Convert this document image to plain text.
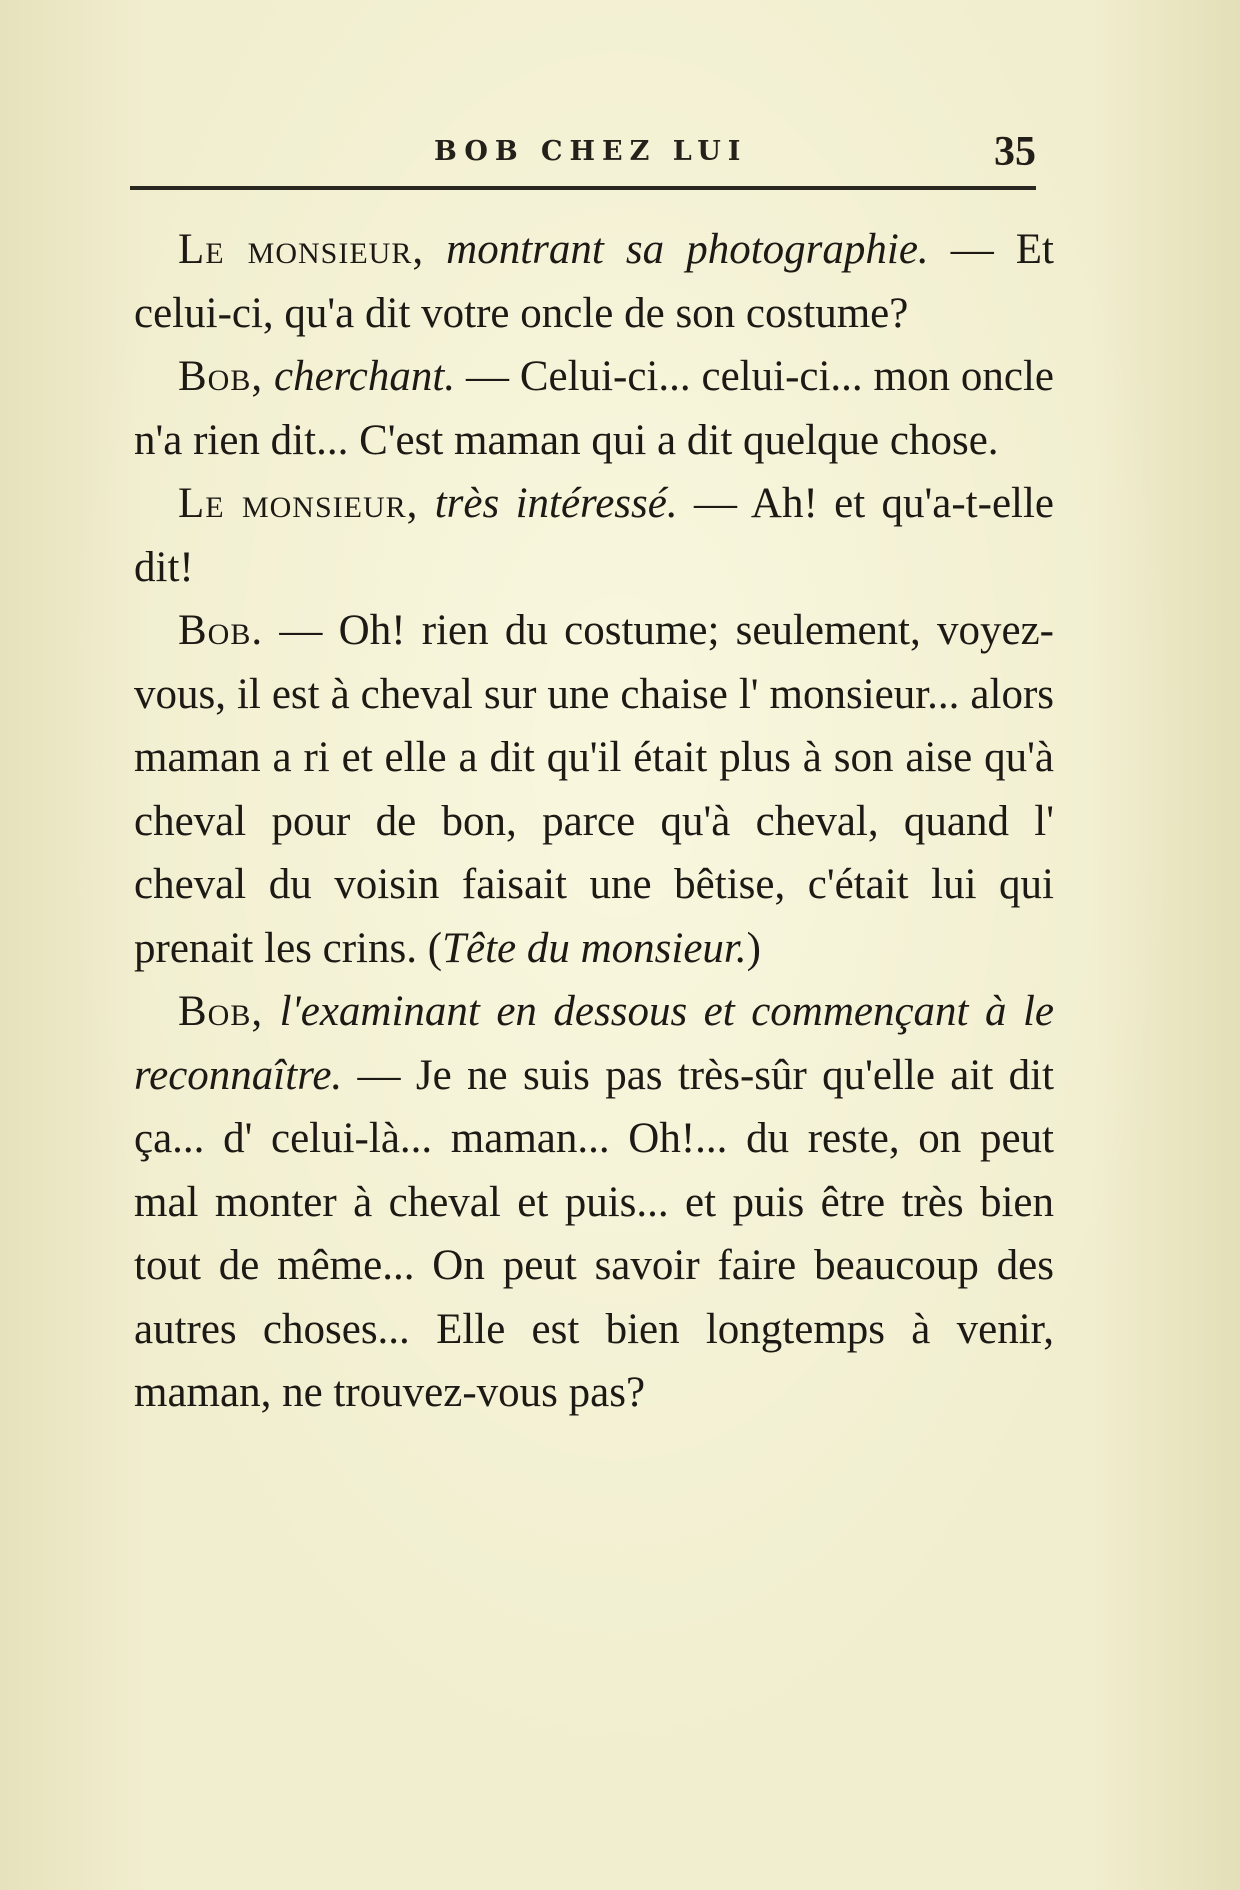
BOB CHEZ LUI	35

Le monsieur, montrant sa photographie. — Et celui-ci, qu'a dit votre oncle de son costume?

Bob, cherchant. — Celui-ci... celui-ci... mon oncle n'a rien dit... C'est maman qui a dit quelque chose.

Le monsieur, très intéressé. — Ah! et qu'a-t-elle dit!

Bob. — Oh! rien du costume; seulement, voyez-vous, il est à cheval sur une chaise l' monsieur... alors maman a ri et elle a dit qu'il était plus à son aise qu'à cheval pour de bon, parce qu'à cheval, quand l' cheval du voisin faisait une bêtise, c'était lui qui prenait les crins. (Tête du monsieur.)

Bob, l'examinant en dessous et commençant à le reconnaître. — Je ne suis pas très-sûr qu'elle ait dit ça... d' celui-là... maman... Oh!... du reste, on peut mal monter à cheval et puis... et puis être très bien tout de même... On peut savoir faire beaucoup des autres choses... Elle est bien longtemps à venir, maman, ne trouvez-vous pas?
